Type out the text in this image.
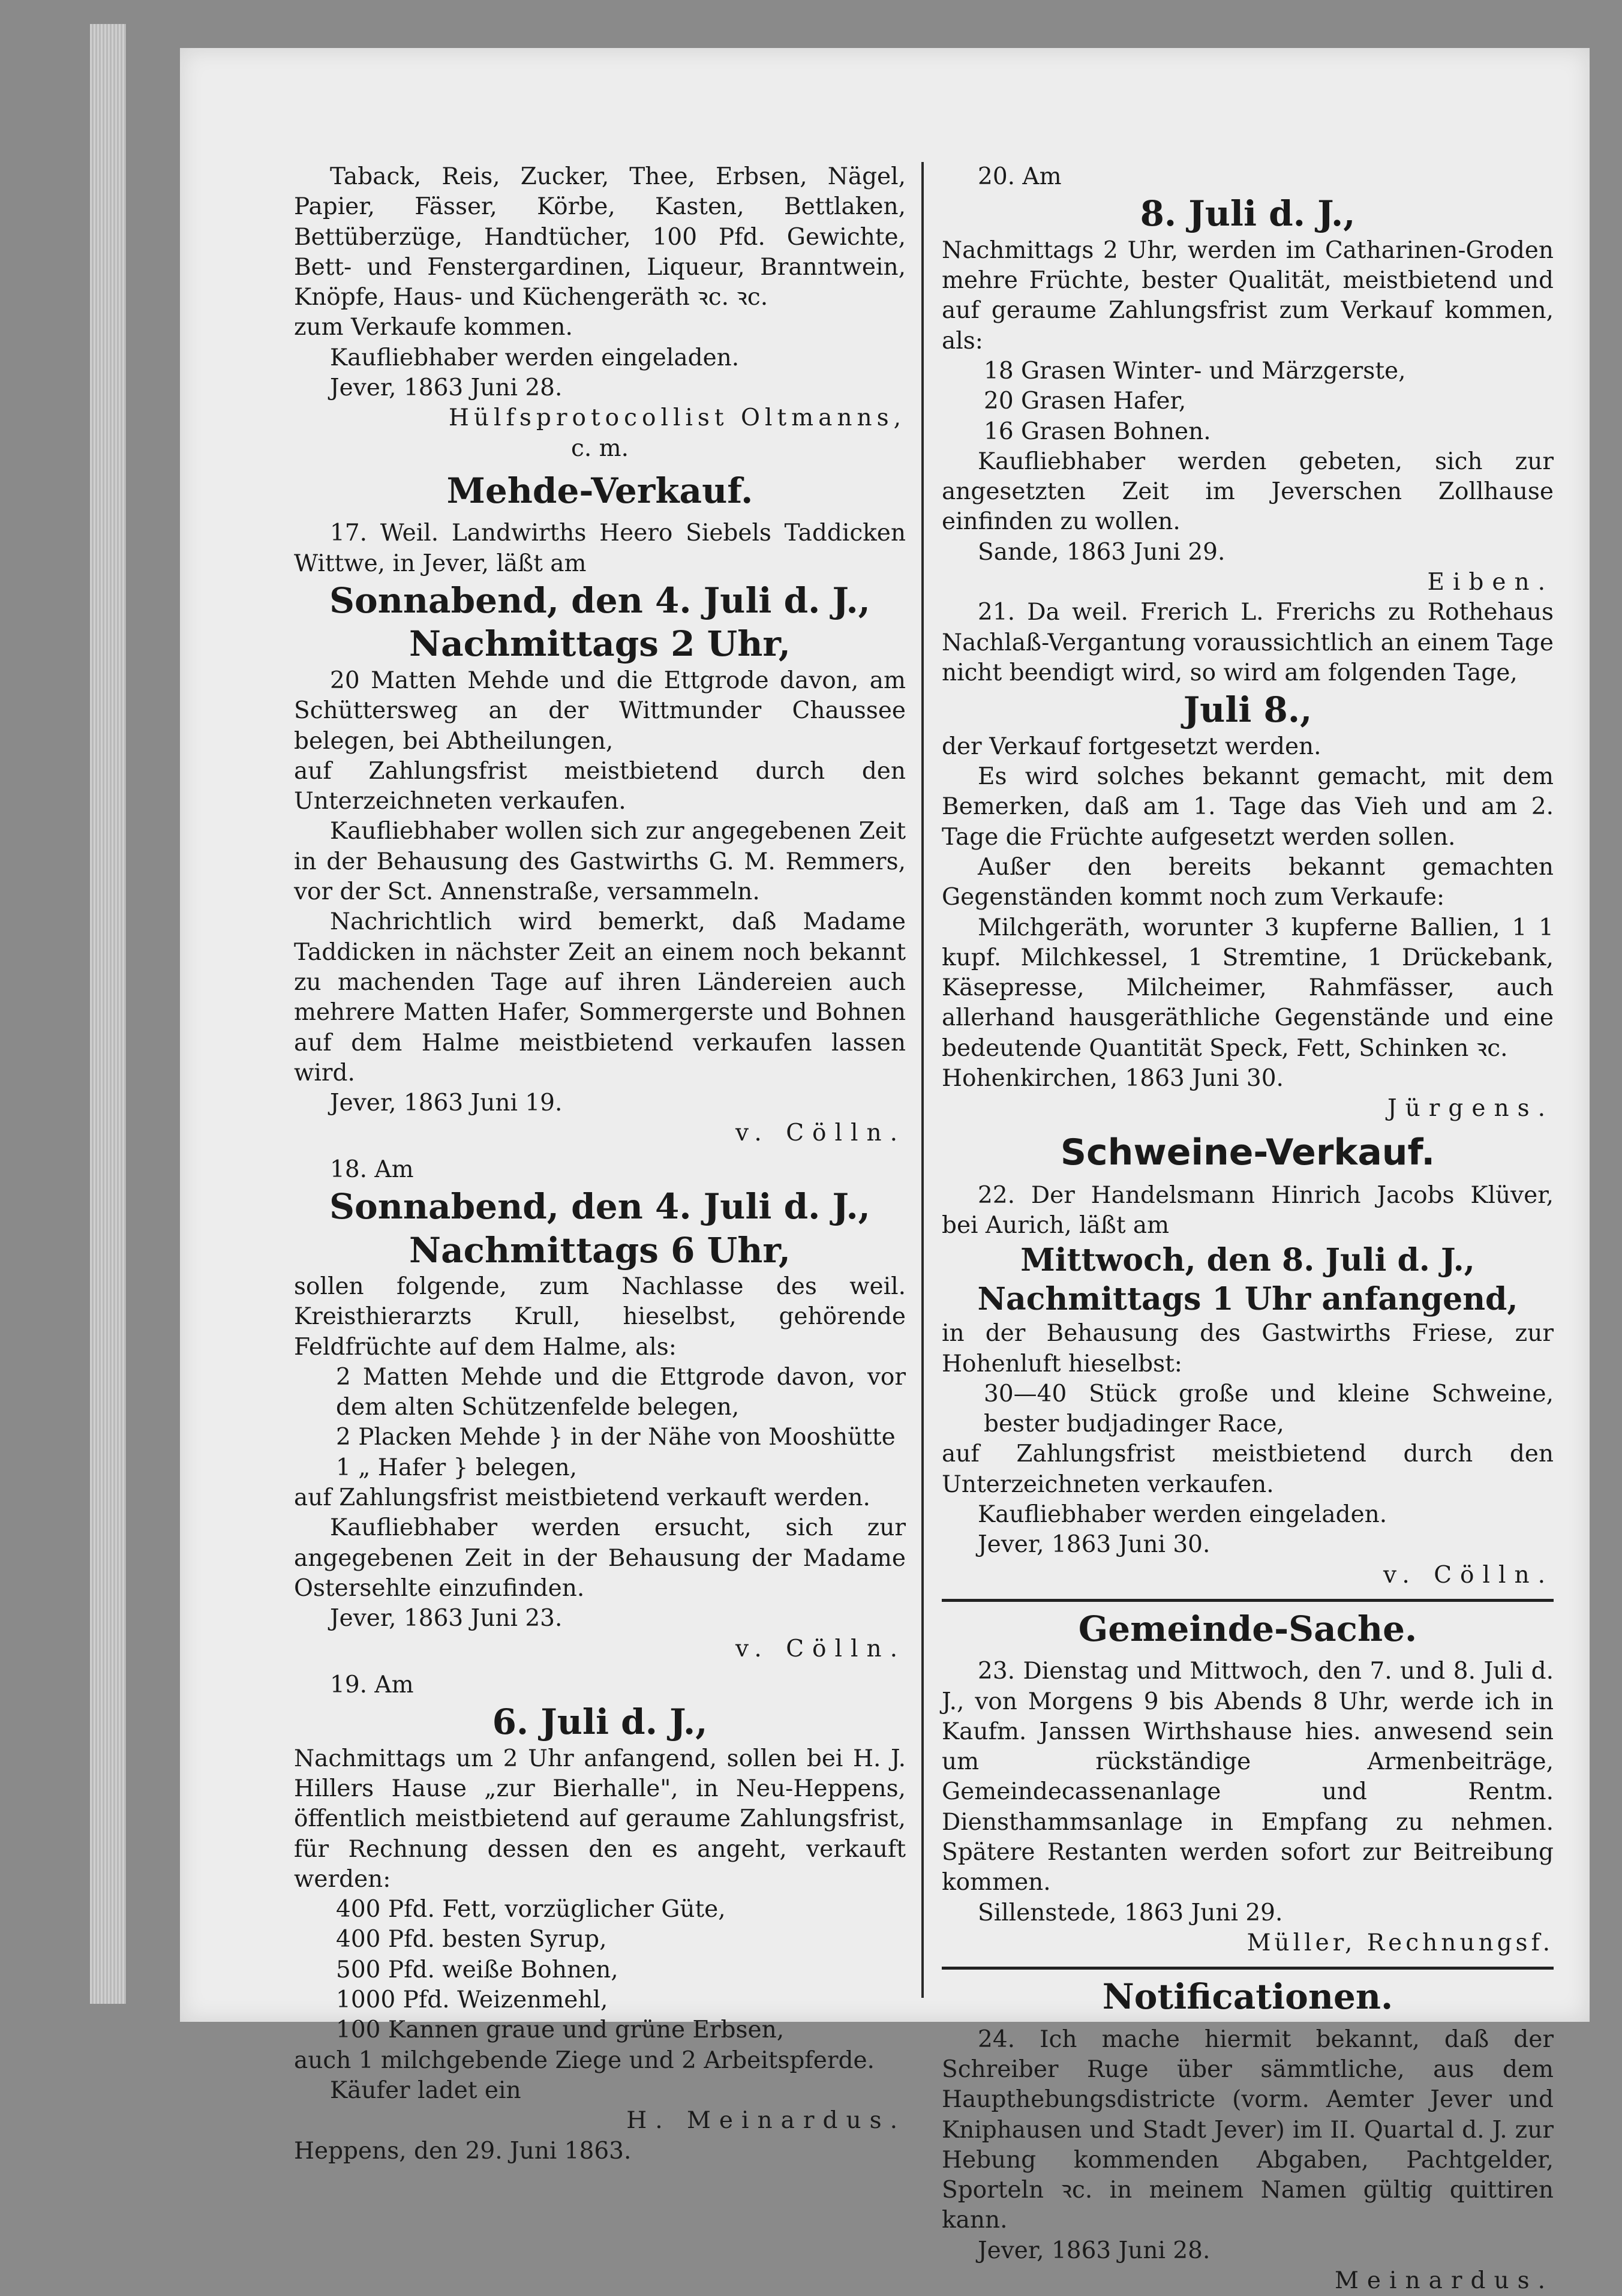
Taback, Reis, Zucker, Thee, Erbsen, Nägel, Papier, Fässer, Körbe, Kasten, Bettlaken, Bettüberzüge, Handtücher, 100 Pfd. Gewichte, Bett- und Fenstergardinen, Liqueur, Branntwein, Knöpfe, Haus- und Küchengeräth ꝛc. ꝛc.

zum Verkaufe kommen.

Kaufliebhaber werden eingeladen.

Jever, 1863 Juni 28.

Hülfsprotocollist Oltmanns,

c. m.

Mehde-Verkauf.

17. Weil. Landwirths Heero Siebels Taddicken Wittwe, in Jever, läßt am

Sonnabend, den 4. Juli d. J.,
Nachmittags 2 Uhr,

20 Matten Mehde und die Ettgrode davon, am Schüttersweg an der Wittmunder Chaussee belegen, bei Abtheilungen,

auf Zahlungsfrist meistbietend durch den Unterzeichneten verkaufen.

Kaufliebhaber wollen sich zur angegebenen Zeit in der Behausung des Gastwirths G. M. Remmers, vor der Sct. Annenstraße, versammeln.

Nachrichtlich wird bemerkt, daß Madame Taddicken in nächster Zeit an einem noch bekannt zu machenden Tage auf ihren Ländereien auch mehrere Matten Hafer, Sommergerste und Bohnen auf dem Halme meistbietend verkaufen lassen wird.

Jever, 1863 Juni 19.

v. Cölln.

18. Am

Sonnabend, den 4. Juli d. J.,
Nachmittags 6 Uhr,

sollen folgende, zum Nachlasse des weil. Kreisthierarzts Krull, hieselbst, gehörende Feldfrüchte auf dem Halme, als:

2 Matten Mehde und die Ettgrode davon, vor dem alten Schützenfelde belegen,

2 Placken Mehde } in der Nähe von Mooshütte

1 „ Hafer } belegen,

auf Zahlungsfrist meistbietend verkauft werden.

Kaufliebhaber werden ersucht, sich zur angegebenen Zeit in der Behausung der Madame Ostersehlte einzufinden.

Jever, 1863 Juni 23.

v. Cölln.

19. Am

6. Juli d. J.,

Nachmittags um 2 Uhr anfangend, sollen bei H. J. Hillers Hause „zur Bierhalle", in Neu-Heppens, öffentlich meistbietend auf geraume Zahlungsfrist, für Rechnung dessen den es angeht, verkauft werden:

400 Pfd. Fett, vorzüglicher Güte,

400 Pfd. besten Syrup,

500 Pfd. weiße Bohnen,

1000 Pfd. Weizenmehl,

100 Kannen graue und grüne Erbsen,

auch 1 milchgebende Ziege und 2 Arbeitspferde.

Käufer ladet ein

H. Meinardus.

Heppens, den 29. Juni 1863.

20. Am

8. Juli d. J.,

Nachmittags 2 Uhr, werden im Catharinen-Groden mehre Früchte, bester Qualität, meistbietend und auf geraume Zahlungsfrist zum Verkauf kommen, als:

18 Grasen Winter- und Märzgerste,

20 Grasen Hafer,

16 Grasen Bohnen.

Kaufliebhaber werden gebeten, sich zur angesetzten Zeit im Jeverschen Zollhause einfinden zu wollen.

Sande, 1863 Juni 29.

Eiben.

21. Da weil. Frerich L. Frerichs zu Rothehaus Nachlaß-Vergantung voraussichtlich an einem Tage nicht beendigt wird, so wird am folgenden Tage,

Juli 8.,

der Verkauf fortgesetzt werden.

Es wird solches bekannt gemacht, mit dem Bemerken, daß am 1. Tage das Vieh und am 2. Tage die Früchte aufgesetzt werden sollen.

Außer den bereits bekannt gemachten Gegenständen kommt noch zum Verkaufe:

Milchgeräth, worunter 3 kupferne Ballien, 1 1 kupf. Milchkessel, 1 Stremtine, 1 Drückebank, Käsepresse, Milcheimer, Rahmfässer, auch allerhand hausgeräthliche Gegenstände und eine bedeutende Quantität Speck, Fett, Schinken ꝛc.

Hohenkirchen, 1863 Juni 30.

Jürgens.

Schweine-Verkauf.

22. Der Handelsmann Hinrich Jacobs Klüver, bei Aurich, läßt am

Mittwoch, den 8. Juli d. J.,
Nachmittags 1 Uhr anfangend,

in der Behausung des Gastwirths Friese, zur Hohenluft hieselbst:

30—40 Stück große und kleine Schweine, bester budjadinger Race,

auf Zahlungsfrist meistbietend durch den Unterzeichneten verkaufen.

Kaufliebhaber werden eingeladen.

Jever, 1863 Juni 30.

v. Cölln.

Gemeinde-Sache.

23. Dienstag und Mittwoch, den 7. und 8. Juli d. J., von Morgens 9 bis Abends 8 Uhr, werde ich in Kaufm. Janssen Wirthshause hies. anwesend sein um rückständige Armenbeiträge, Gemeindecassenanlage und Rentm. Diensthammsanlage in Empfang zu nehmen. Spätere Restanten werden sofort zur Beitreibung kommen.

Sillenstede, 1863 Juni 29.

Müller, Rechnungsf.

Notificationen.

24. Ich mache hiermit bekannt, daß der Schreiber Ruge über sämmtliche, aus dem Haupthebungsdistricte (vorm. Aemter Jever und Kniphausen und Stadt Jever) im II. Quartal d. J. zur Hebung kommenden Abgaben, Pachtgelder, Sporteln ꝛc. in meinem Namen gültig quittiren kann.

Jever, 1863 Juni 28.

Meinardus.
